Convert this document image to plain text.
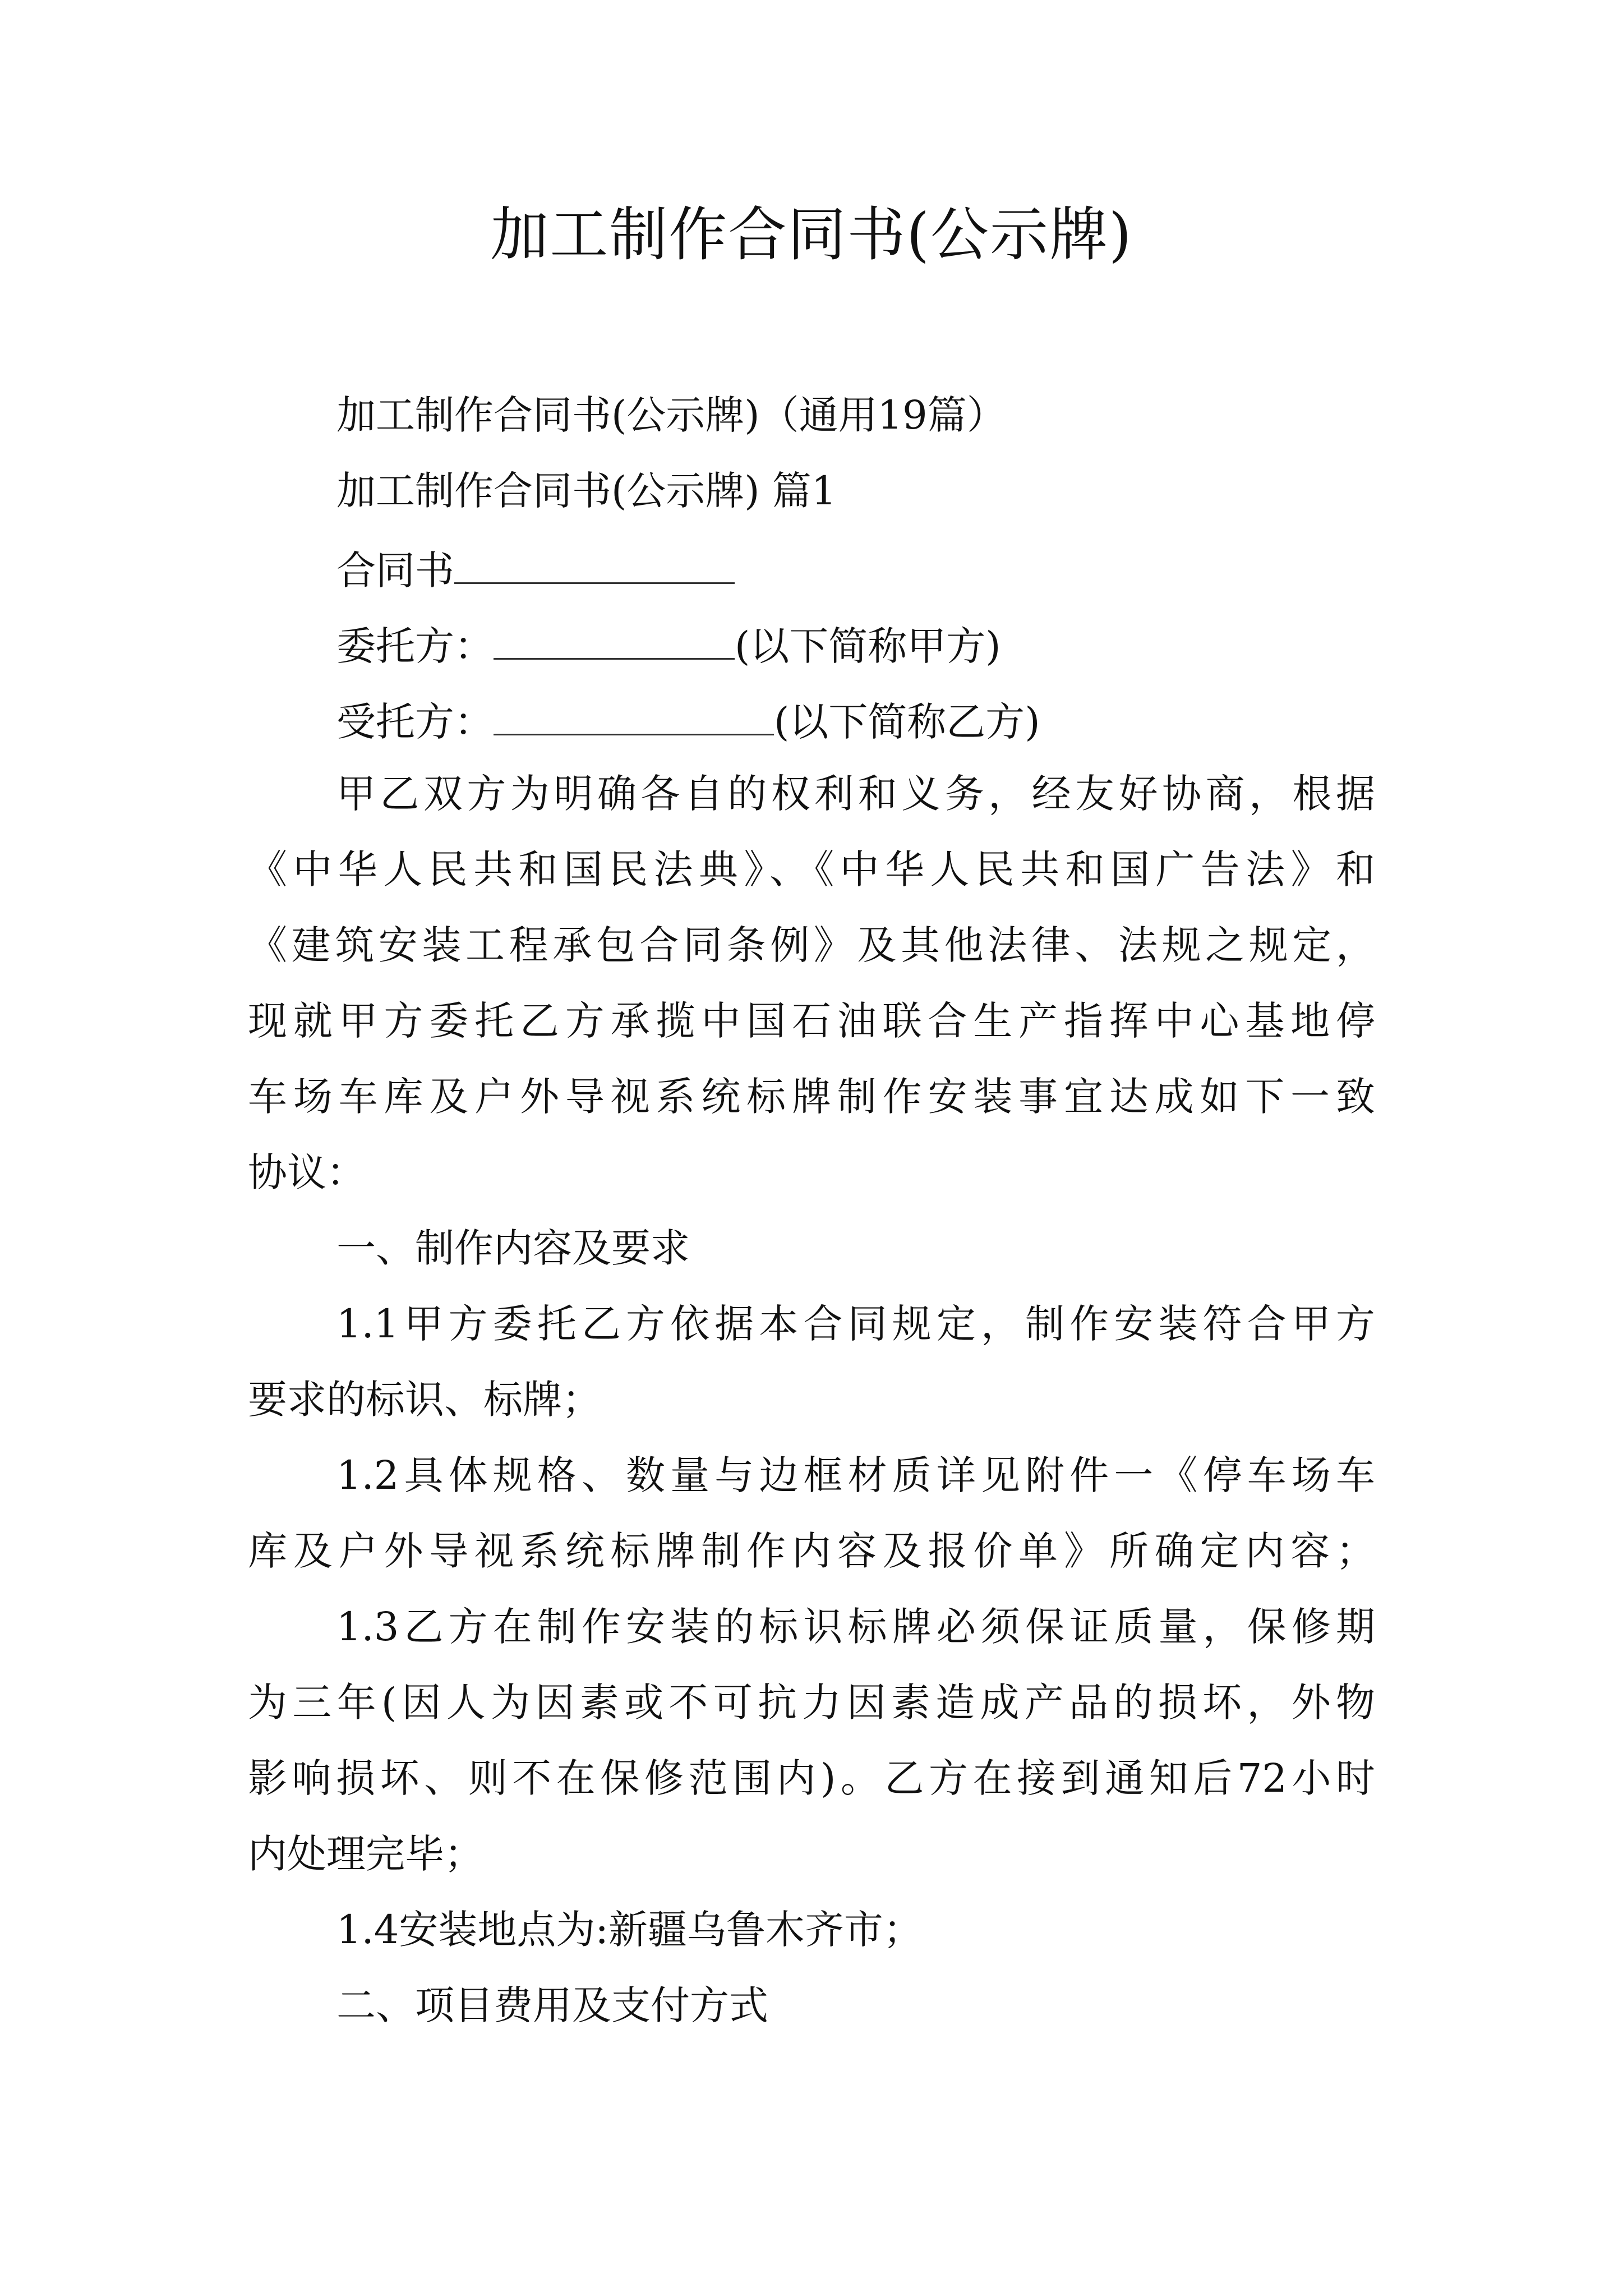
加工制作合同书(公示牌)
加工制作合同书(公示牌)（通用19篇）
加工制作合同书(公示牌) 篇1
合同书
委托方：	(以下简称甲方)
受托方：	(以下简称乙方)
甲乙双方为明确各自的权利和义务，经友好协商，根据
《中华人民共和国民法典》、《中华人民共和国广告法》和
《建筑安装工程承包合同条例》及其他法律、法规之规定，
现就甲方委托乙方承揽中国石油联合生产指挥中心基地停
车场车库及户外导视系统标牌制作安装事宜达成如下一致
协议：
一、制作内容及要求
1.1甲方委托乙方依据本合同规定，制作安装符合甲方
要求的标识、标牌；
1.2具体规格、数量与边框材质详见附件一《停车场车
库及户外导视系统标牌制作内容及报价单》所确定内容；
1.3乙方在制作安装的标识标牌必须保证质量，保修期
为三年(因人为因素或不可抗力因素造成产品的损坏，外物
影响损坏、则不在保修范围内)。乙方在接到通知后72小时
内处理完毕；
1.4安装地点为:新疆乌鲁木齐市；
二、项目费用及支付方式
